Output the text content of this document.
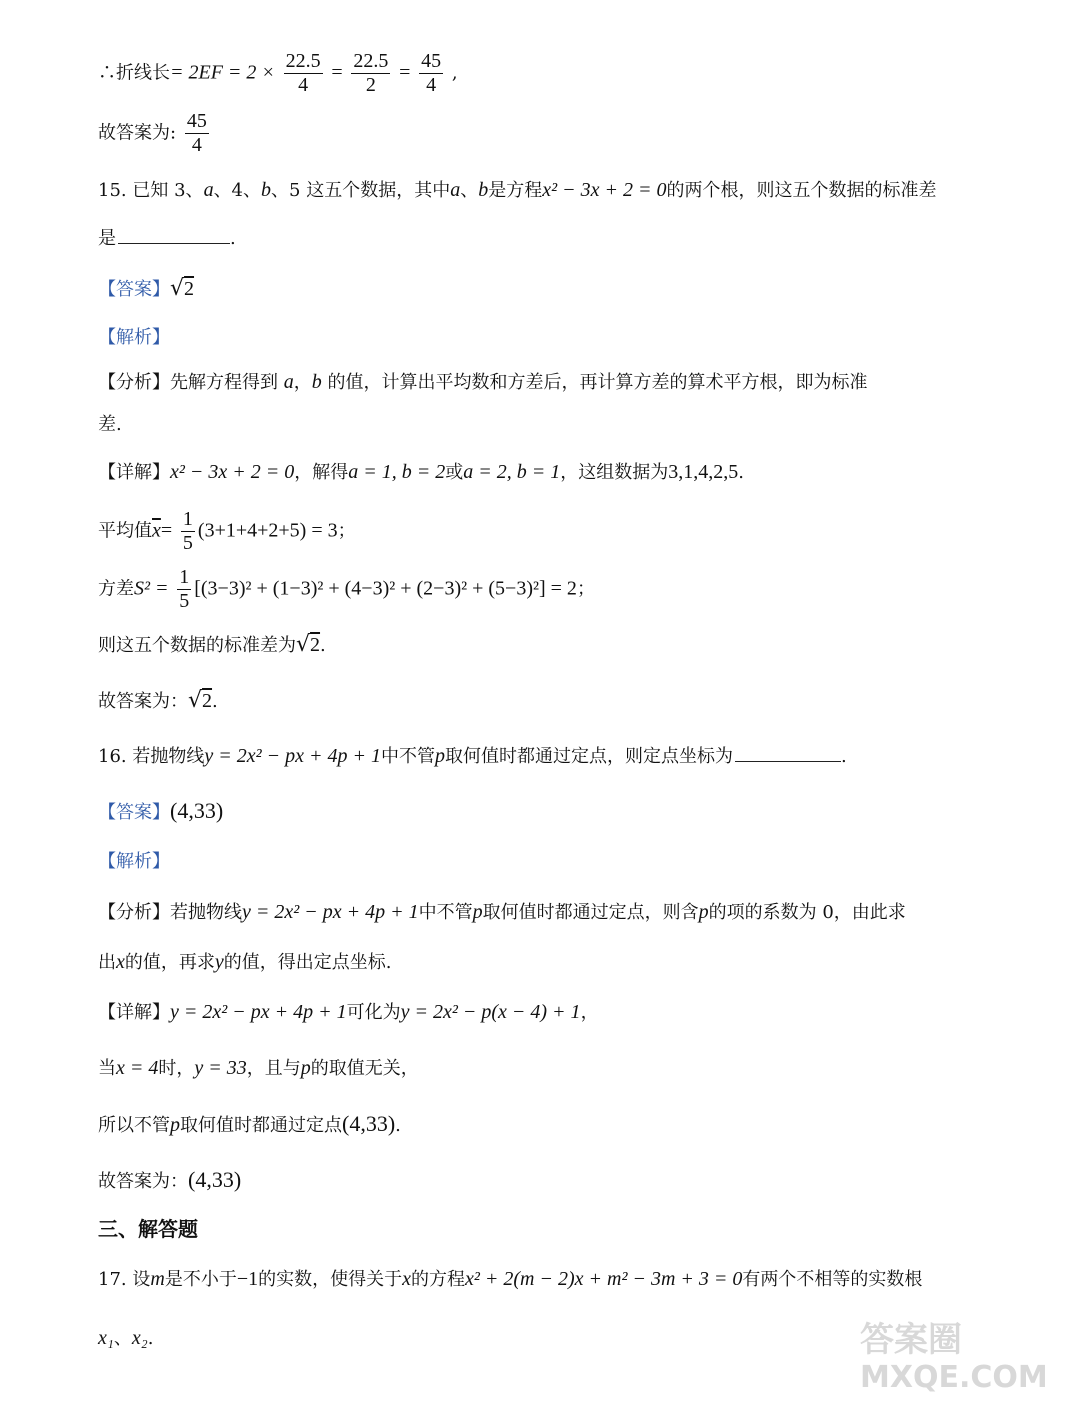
∴折线长= $2EF = 2 \times \frac{22.5}{4} = \frac{22.5}{2} = \frac{45}{4}$ ,
故答案为: $\frac{45}{4}$
15. 已知 3、a、4、b、5 这五个数据，其中a、b是方程x² − 3x + 2 = 0的两个根，则这五个数据的标准差
是	.
【答案】√2
【解析】
【分析】先解方程得到 a，b 的值，计算出平均数和方差后，再计算方差的算术平方根，即为标准
差.
【详解】x² − 3x + 2 = 0，解得a = 1, b = 2或a = 2, b = 1，这组数据为3,1,4,2,5.
平均值$\overline{x}= \frac{1}{5} (3+1+4+2+5) = 3$；
方差$S^2 = \frac{1}{5} [(3-3)^2 + (1-3)^2 + (4-3)^2 + (2-3)^2 + (5-3)^2] = 2$；
则这五个数据的标准差为√2.
故答案为：√2.
16. 若抛物线y = 2x² − px + 4p + 1中不管p取何值时都通过定点，则定点坐标为	.
【答案】(4,33)
【解析】
【分析】若抛物线y = 2x² − px + 4p + 1中不管p取何值时都通过定点，则含p的项的系数为 0，由此求
出x的值，再求y的值，得出定点坐标.
【详解】y = 2x² − px + 4p + 1可化为y = 2x² − p(x − 4) + 1，
当x = 4时，y = 33，且与p的取值无关，
所以不管p取何值时都通过定点(4,33).
故答案为：(4,33)
三、解答题
17. 设m是不小于−1的实数，使得关于x的方程x² + 2(m − 2)x + m² − 3m + 3 = 0有两个不相等的实数根
x₁、x₂.	答案圈
MXQE.COM
